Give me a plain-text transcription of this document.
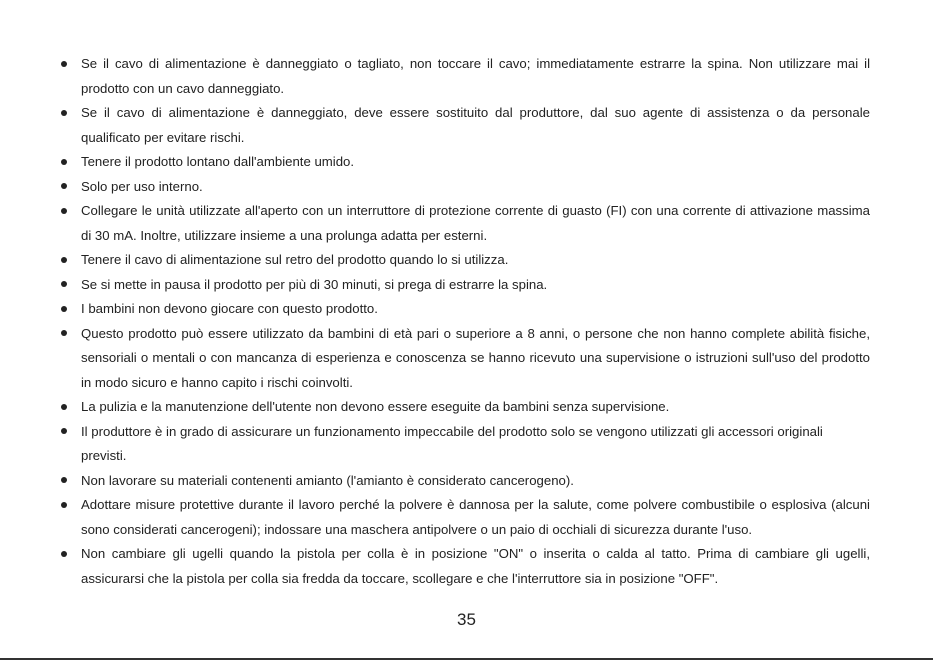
Se il cavo di alimentazione è danneggiato o tagliato, non toccare il cavo; immediatamente estrarre la spina. Non utilizzare mai il prodotto con un cavo danneggiato.
Se il cavo di alimentazione è danneggiato, deve essere sostituito dal produttore, dal suo agente di assistenza o da personale qualificato per evitare rischi.
Tenere il prodotto lontano dall'ambiente umido.
Solo per uso interno.
Collegare le unità utilizzate all'aperto con un interruttore di protezione corrente di guasto (FI) con una corrente di attivazione massima di 30 mA. Inoltre, utilizzare insieme a una prolunga adatta per esterni.
Tenere il cavo di alimentazione sul retro del prodotto quando lo si utilizza.
Se si mette in pausa il prodotto per più di 30 minuti, si prega di estrarre la spina.
I bambini non devono giocare con questo prodotto.
Questo prodotto può essere utilizzato da bambini di età pari o superiore a 8 anni, o persone che non hanno complete abilità fisiche, sensoriali o mentali o con mancanza di esperienza e conoscenza se hanno ricevuto una supervisione o istruzioni sull'uso del prodotto in modo sicuro e hanno capito i rischi coinvolti.
La pulizia e la manutenzione dell'utente non devono essere eseguite da bambini senza supervisione.
Il produttore è in grado di assicurare un funzionamento impeccabile del prodotto solo se vengono utilizzati gli accessori originali previsti.
Non lavorare su materiali contenenti amianto (l'amianto è considerato cancerogeno).
Adottare misure protettive durante il lavoro perché la polvere è dannosa per la salute, come polvere combustibile o esplosiva (alcuni sono considerati cancerogeni); indossare una maschera antipolvere o un paio di occhiali di sicurezza durante l'uso.
Non cambiare gli ugelli quando la pistola per colla è in posizione "ON" o inserita o calda al tatto. Prima di cambiare gli ugelli, assicurarsi che la pistola per colla sia fredda da toccare, scollegare e che l'interruttore sia in posizione "OFF".
35
